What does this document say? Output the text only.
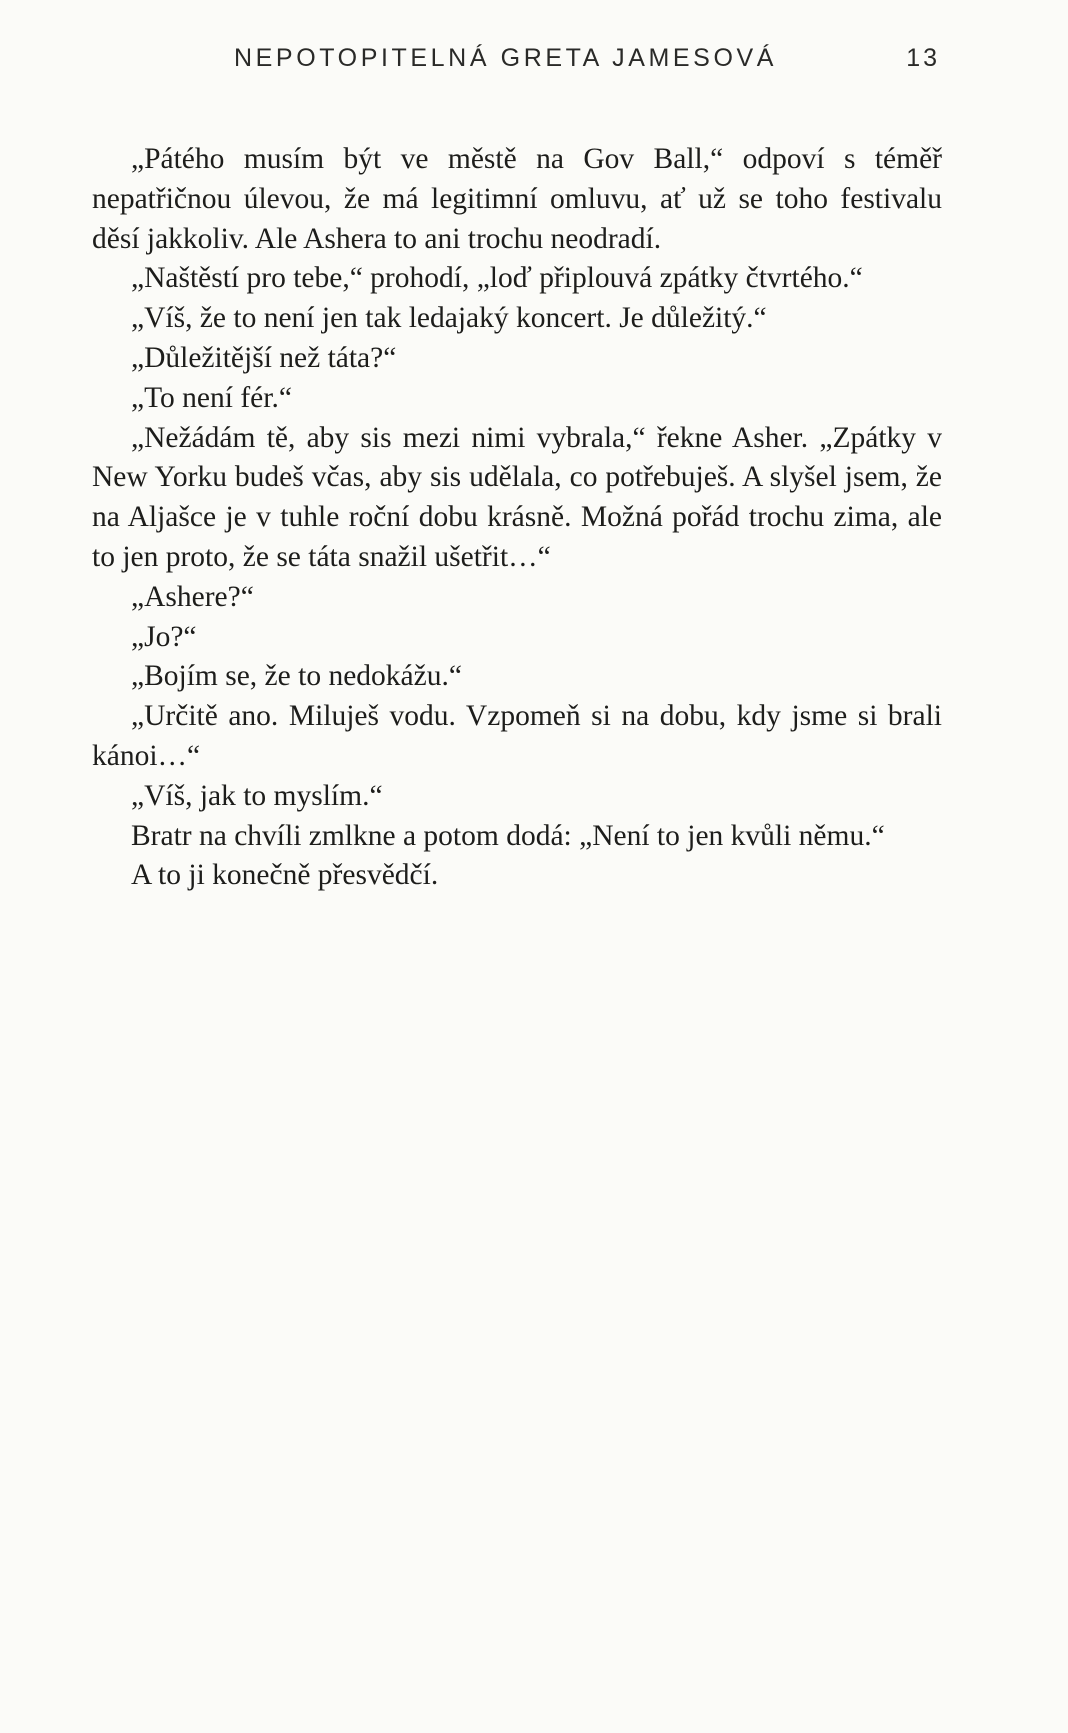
NEPOTOPITELNÁ GRETA JAMESOVÁ	13

„Pátého musím být ve městě na Gov Ball,“ odpoví s téměř nepatřičnou úlevou, že má legitimní omluvu, ať už se toho festivalu děsí jakkoliv. Ale Ashera to ani trochu neodradí.

„Naštěstí pro tebe,“ prohodí, „loď připlouvá zpátky čtvrtého.“

„Víš, že to není jen tak ledajaký koncert. Je důležitý.“

„Důležitější než táta?“

„To není fér.“

„Nežádám tě, aby sis mezi nimi vybrala,“ řekne Asher. „Zpátky v New Yorku budeš včas, aby sis udělala, co potřebuješ. A slyšel jsem, že na Aljašce je v tuhle roční dobu krásně. Možná pořád trochu zima, ale to jen proto, že se táta snažil ušetřit…“

„Ashere?“

„Jo?“

„Bojím se, že to nedokážu.“

„Určitě ano. Miluješ vodu. Vzpomeň si na dobu, kdy jsme si brali kánoi…“

„Víš, jak to myslím.“

Bratr na chvíli zmlkne a potom dodá: „Není to jen kvůli němu.“

A to ji konečně přesvědčí.
